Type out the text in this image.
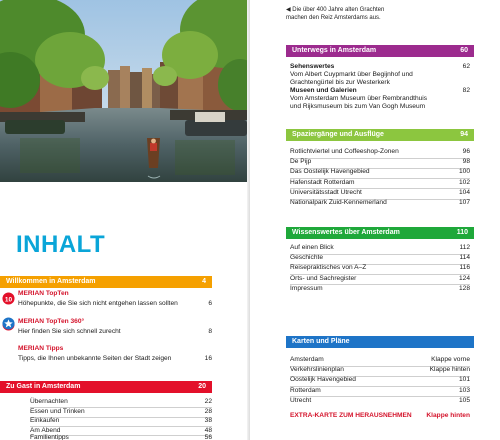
INHALT
Willkommen in Amsterdam	4
10
MERIAN TopTen
Höhepunkte, die Sie sich nicht entgehen lassen sollten	6
MERIAN TopTen 360°
Hier finden Sie sich schnell zurecht	8
MERIAN Tipps
Tipps, die Ihnen unbekannte Seiten der Stadt zeigen	16
Zu Gast in Amsterdam	20
Übernachten	22
Essen und Trinken	28
Einkaufen	38
Am Abend	48
Familientipps	56
◀ Die über 400 Jahre alten Grachten
machen den Reiz Amsterdams aus.
Unterwegs in Amsterdam	60
Sehenswertes	62
Vom Albert Cuypmarkt über Begijnhof und
Grachtengürtel bis zur Westerkerk
Museen und Galerien	82
Vom Amsterdam Museum über Rembrandthuis
und Rijksmuseum bis zum Van Gogh Museum
Spaziergänge und Ausflüge	94
Rotlichtviertel und Coffeeshop-Zonen	96
De Pijp	98
Das Oostelijk Havengebied	100
Hafenstadt Rotterdam	102
Universitätsstadt Utrecht	104
Nationalpark Zuid-Kennemerland	107
Wissenswertes über Amsterdam	110
Auf einen Blick	112
Geschichte	114
Reisepraktisches von A–Z	116
Orts- und Sachregister	124
Impressum	128
Karten und Pläne
Amsterdam	Klappe vorne
Verkehrslinienplan	Klappe hinten
Oostelijk Havengebied	101
Rotterdam	103
Utrecht	105
EXTRA-KARTE ZUM HERAUSNEHMEN Klappe hinten
